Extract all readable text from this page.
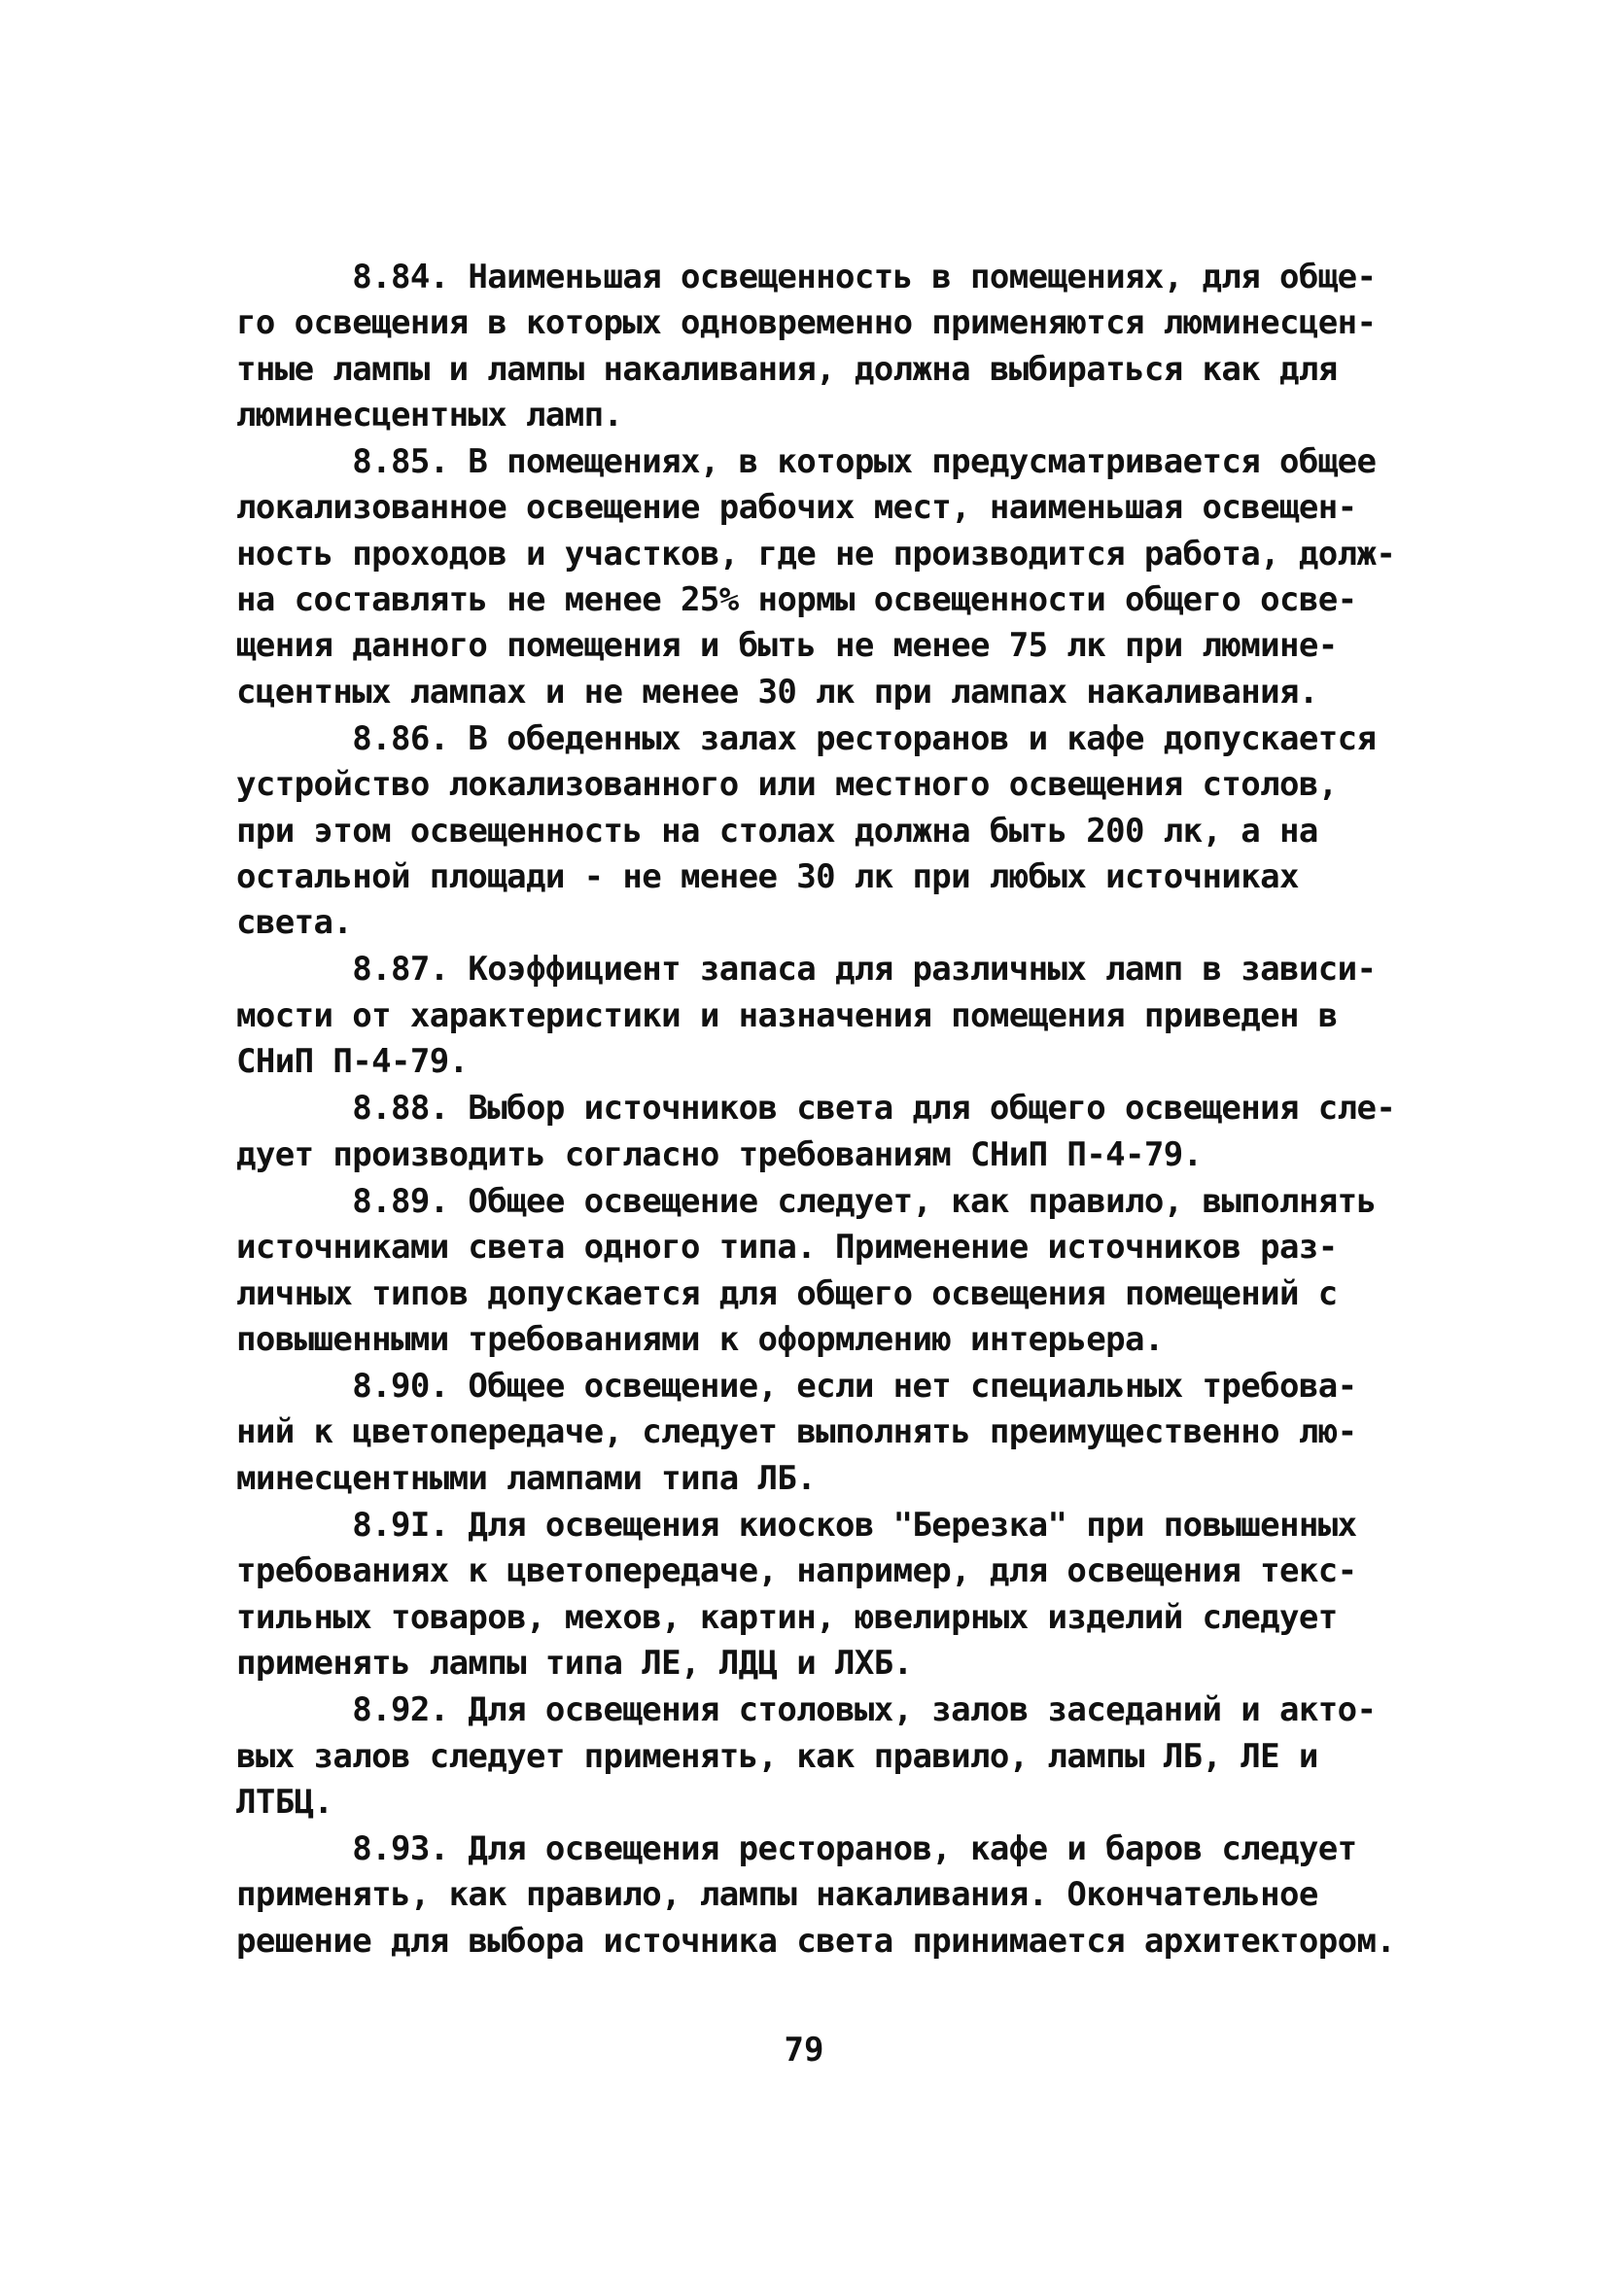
8.84. Наименьшая освещенность в помещениях, для обще-
го освещения в которых одновременно применяются люминесцен-
тные лампы и лампы накаливания, должна выбираться как для
люминесцентных ламп.
8.85. В помещениях, в которых предусматривается общее
локализованное освещение рабочих мест, наименьшая освещен-
ность проходов и участков, где не производится работа, долж-
на составлять не менее 25% нормы освещенности общего осве-
щения данного помещения и быть не менее 75 лк при люмине-
сцентных лампах и не менее 30 лк при лампах накаливания.
8.86. В обеденных залах ресторанов и кафе допускается
устройство локализованного или местного освещения столов,
при этом освещенность на столах должна быть 200 лк, а на
остальной площади - не менее 30 лк при любых источниках
света.
8.87. Коэффициент запаса для различных ламп в зависи-
мости от характеристики и назначения помещения приведен в
СНиП П-4-79.
8.88. Выбор источников света для общего освещения сле-
дует производить согласно требованиям СНиП П-4-79.
8.89. Общее освещение следует, как правило, выполнять
источниками света одного типа. Применение источников раз-
личных типов допускается для общего освещения помещений с
повышенными требованиями к оформлению интерьера.
8.90. Общее освещение, если нет специальных требова-
ний к цветопередаче, следует выполнять преимущественно лю-
минесцентными лампами типа ЛБ.
8.9I. Для освещения киосков "Березка" при повышенных
требованиях к цветопередаче, например, для освещения текс-
тильных товаров, мехов, картин, ювелирных изделий следует
применять лампы типа ЛЕ, ЛДЦ и ЛХБ.
8.92. Для освещения столовых, залов заседаний и акто-
вых залов следует применять, как правило, лампы ЛБ, ЛЕ и
ЛТБЦ.
8.93. Для освещения ресторанов, кафе и баров следует
применять, как правило, лампы накаливания. Окончательное
решение для выбора источника света принимается архитектором.
79
